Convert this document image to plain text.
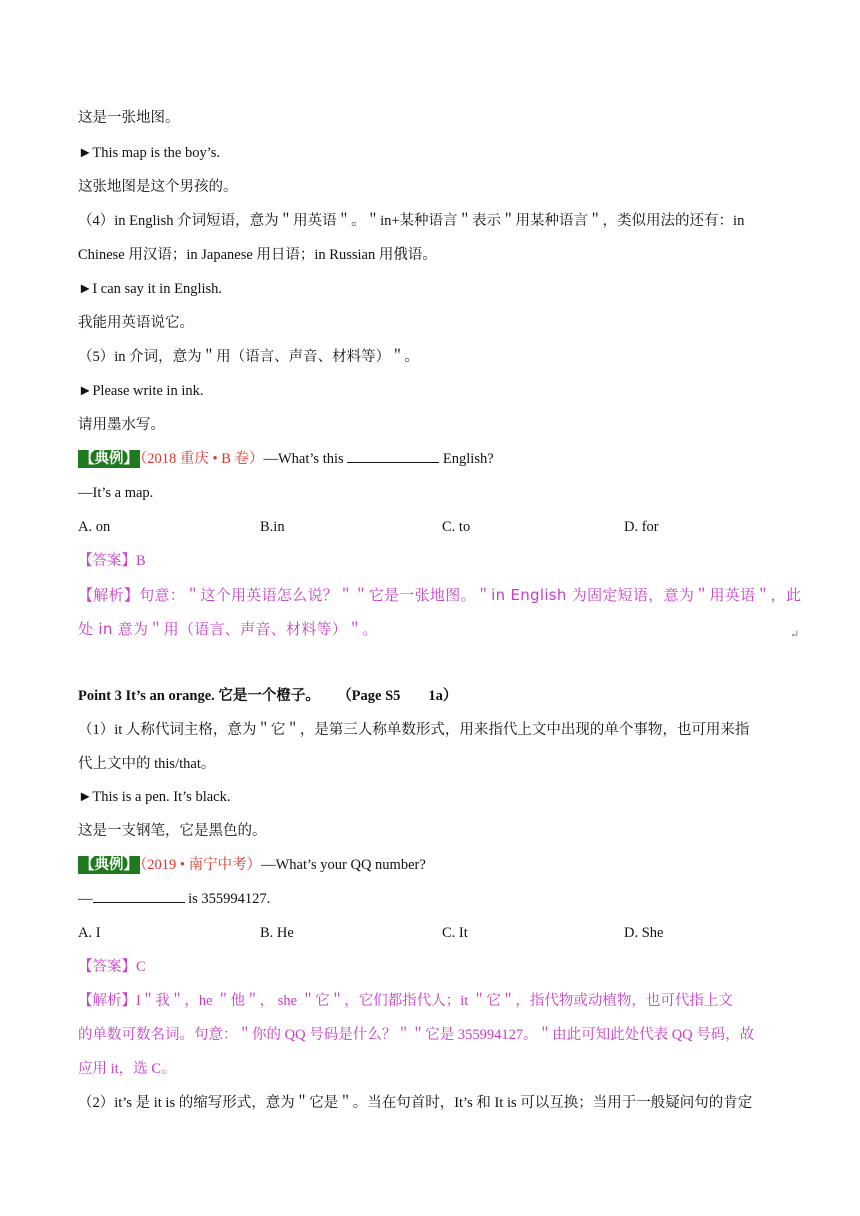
这是一张地图。
►This map is the boy’s.
这张地图是这个男孩的。
（4）in English 介词短语，意为＂用英语＂。＂in+某种语言＂表示＂用某种语言＂，类似用法的还有：in
Chinese 用汉语；in Japanese 用日语；in Russian 用俄语。
►I can say it in English.
我能用英语说它。
（5）in 介词，意为＂用（语言、声音、材料等）＂。
►Please write in ink.
请用墨水写。
【典例】 （2018 重庆 • B 卷）—What’s this	English?
—It’s a map.
A. on	B.in	C. to	D. for
【答案】B
【解析】句意：＂这个用英语怎么说？＂＂它是一张地图。＂in English 为固定短语，意为＂用英语＂，此
处 in 意为＂用（语言、声音、材料等）＂。	↵
Point 3 It’s an orange. 它是一个橙子。 （Page S5 1a）
（1）it 人称代词主格，意为＂它＂，是第三人称单数形式，用来指代上文中出现的单个事物，也可用来指
代上文中的 this/that。
►This is a pen. It’s black.
这是一支钢笔，它是黑色的。
【典例】 （2019 • 南宁中考）—What’s your QQ number?
—	is 355994127.
A. I	B. He	C. It	D. She
【答案】C
【解析】I＂我＂，he ＂他＂， she ＂它＂，它们都指代人；it ＂它＂，指代物或动植物，也可代指上文
的单数可数名词。句意：＂你的 QQ 号码是什么？＂＂它是 355994127。＂由此可知此处代表 QQ 号码，故
应用 it，选 C。
（2）it’s 是 it is 的缩写形式，意为＂它是＂。当在句首时，It’s 和 It is 可以互换；当用于一般疑问句的肯定
